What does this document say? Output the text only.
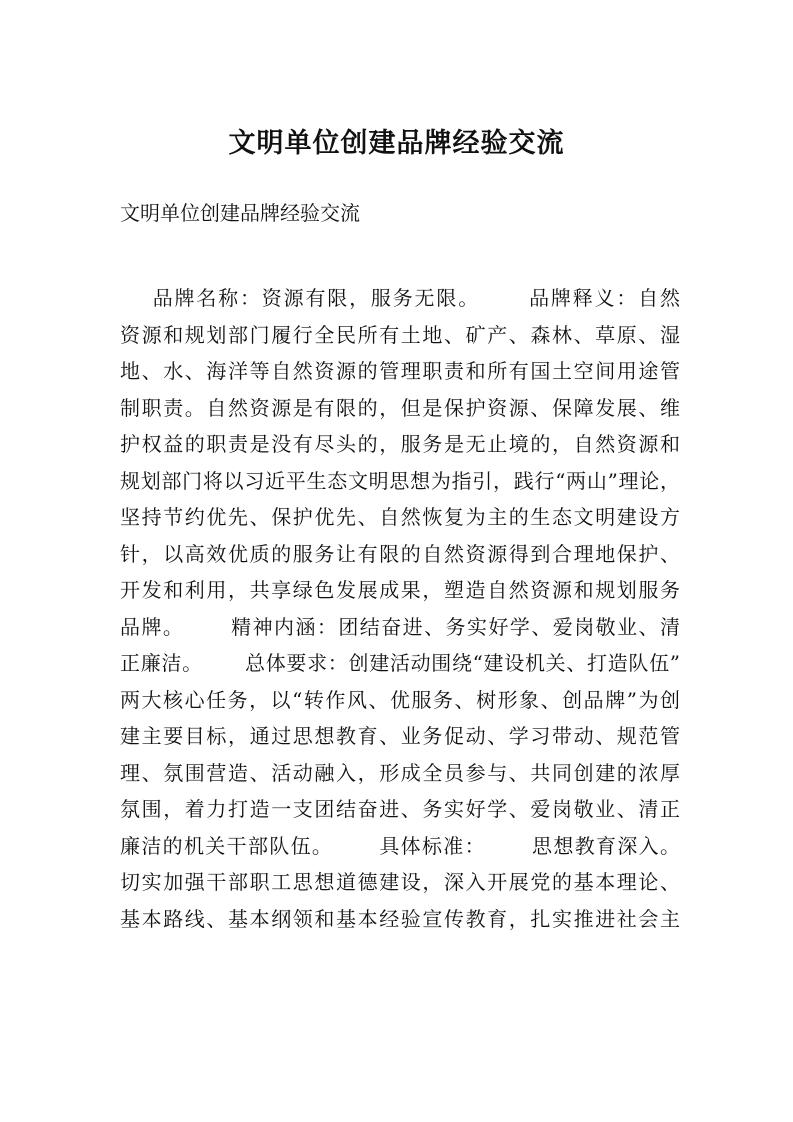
文明单位创建品牌经验交流

文明单位创建品牌经验交流

品牌名称：资源有限，服务无限。      品牌释义：自然
资源和规划部门履行全民所有土地、矿产、森林、草原、湿
地、水、海洋等自然资源的管理职责和所有国土空间用途管
制职责。自然资源是有限的，但是保护资源、保障发展、维
护权益的职责是没有尽头的，服务是无止境的，自然资源和
规划部门将以习近平生态文明思想为指引，践行“两山”理论，
坚持节约优先、保护优先、自然恢复为主的生态文明建设方
针，以高效优质的服务让有限的自然资源得到合理地保护、
开发和利用，共享绿色发展成果，塑造自然资源和规划服务
品牌。      精神内涵：团结奋进、务实好学、爱岗敬业、清
正廉洁。      总体要求：创建活动围绕“建设机关、打造队伍”
两大核心任务，以“转作风、优服务、树形象、创品牌”为创
建主要目标，通过思想教育、业务促动、学习带动、规范管
理、氛围营造、活动融入，形成全员参与、共同创建的浓厚
氛围，着力打造一支团结奋进、务实好学、爱岗敬业、清正
廉洁的机关干部队伍。      具体标准：      思想教育深入。
切实加强干部职工思想道德建设，深入开展党的基本理论、
基本路线、基本纲领和基本经验宣传教育，扎实推进社会主
